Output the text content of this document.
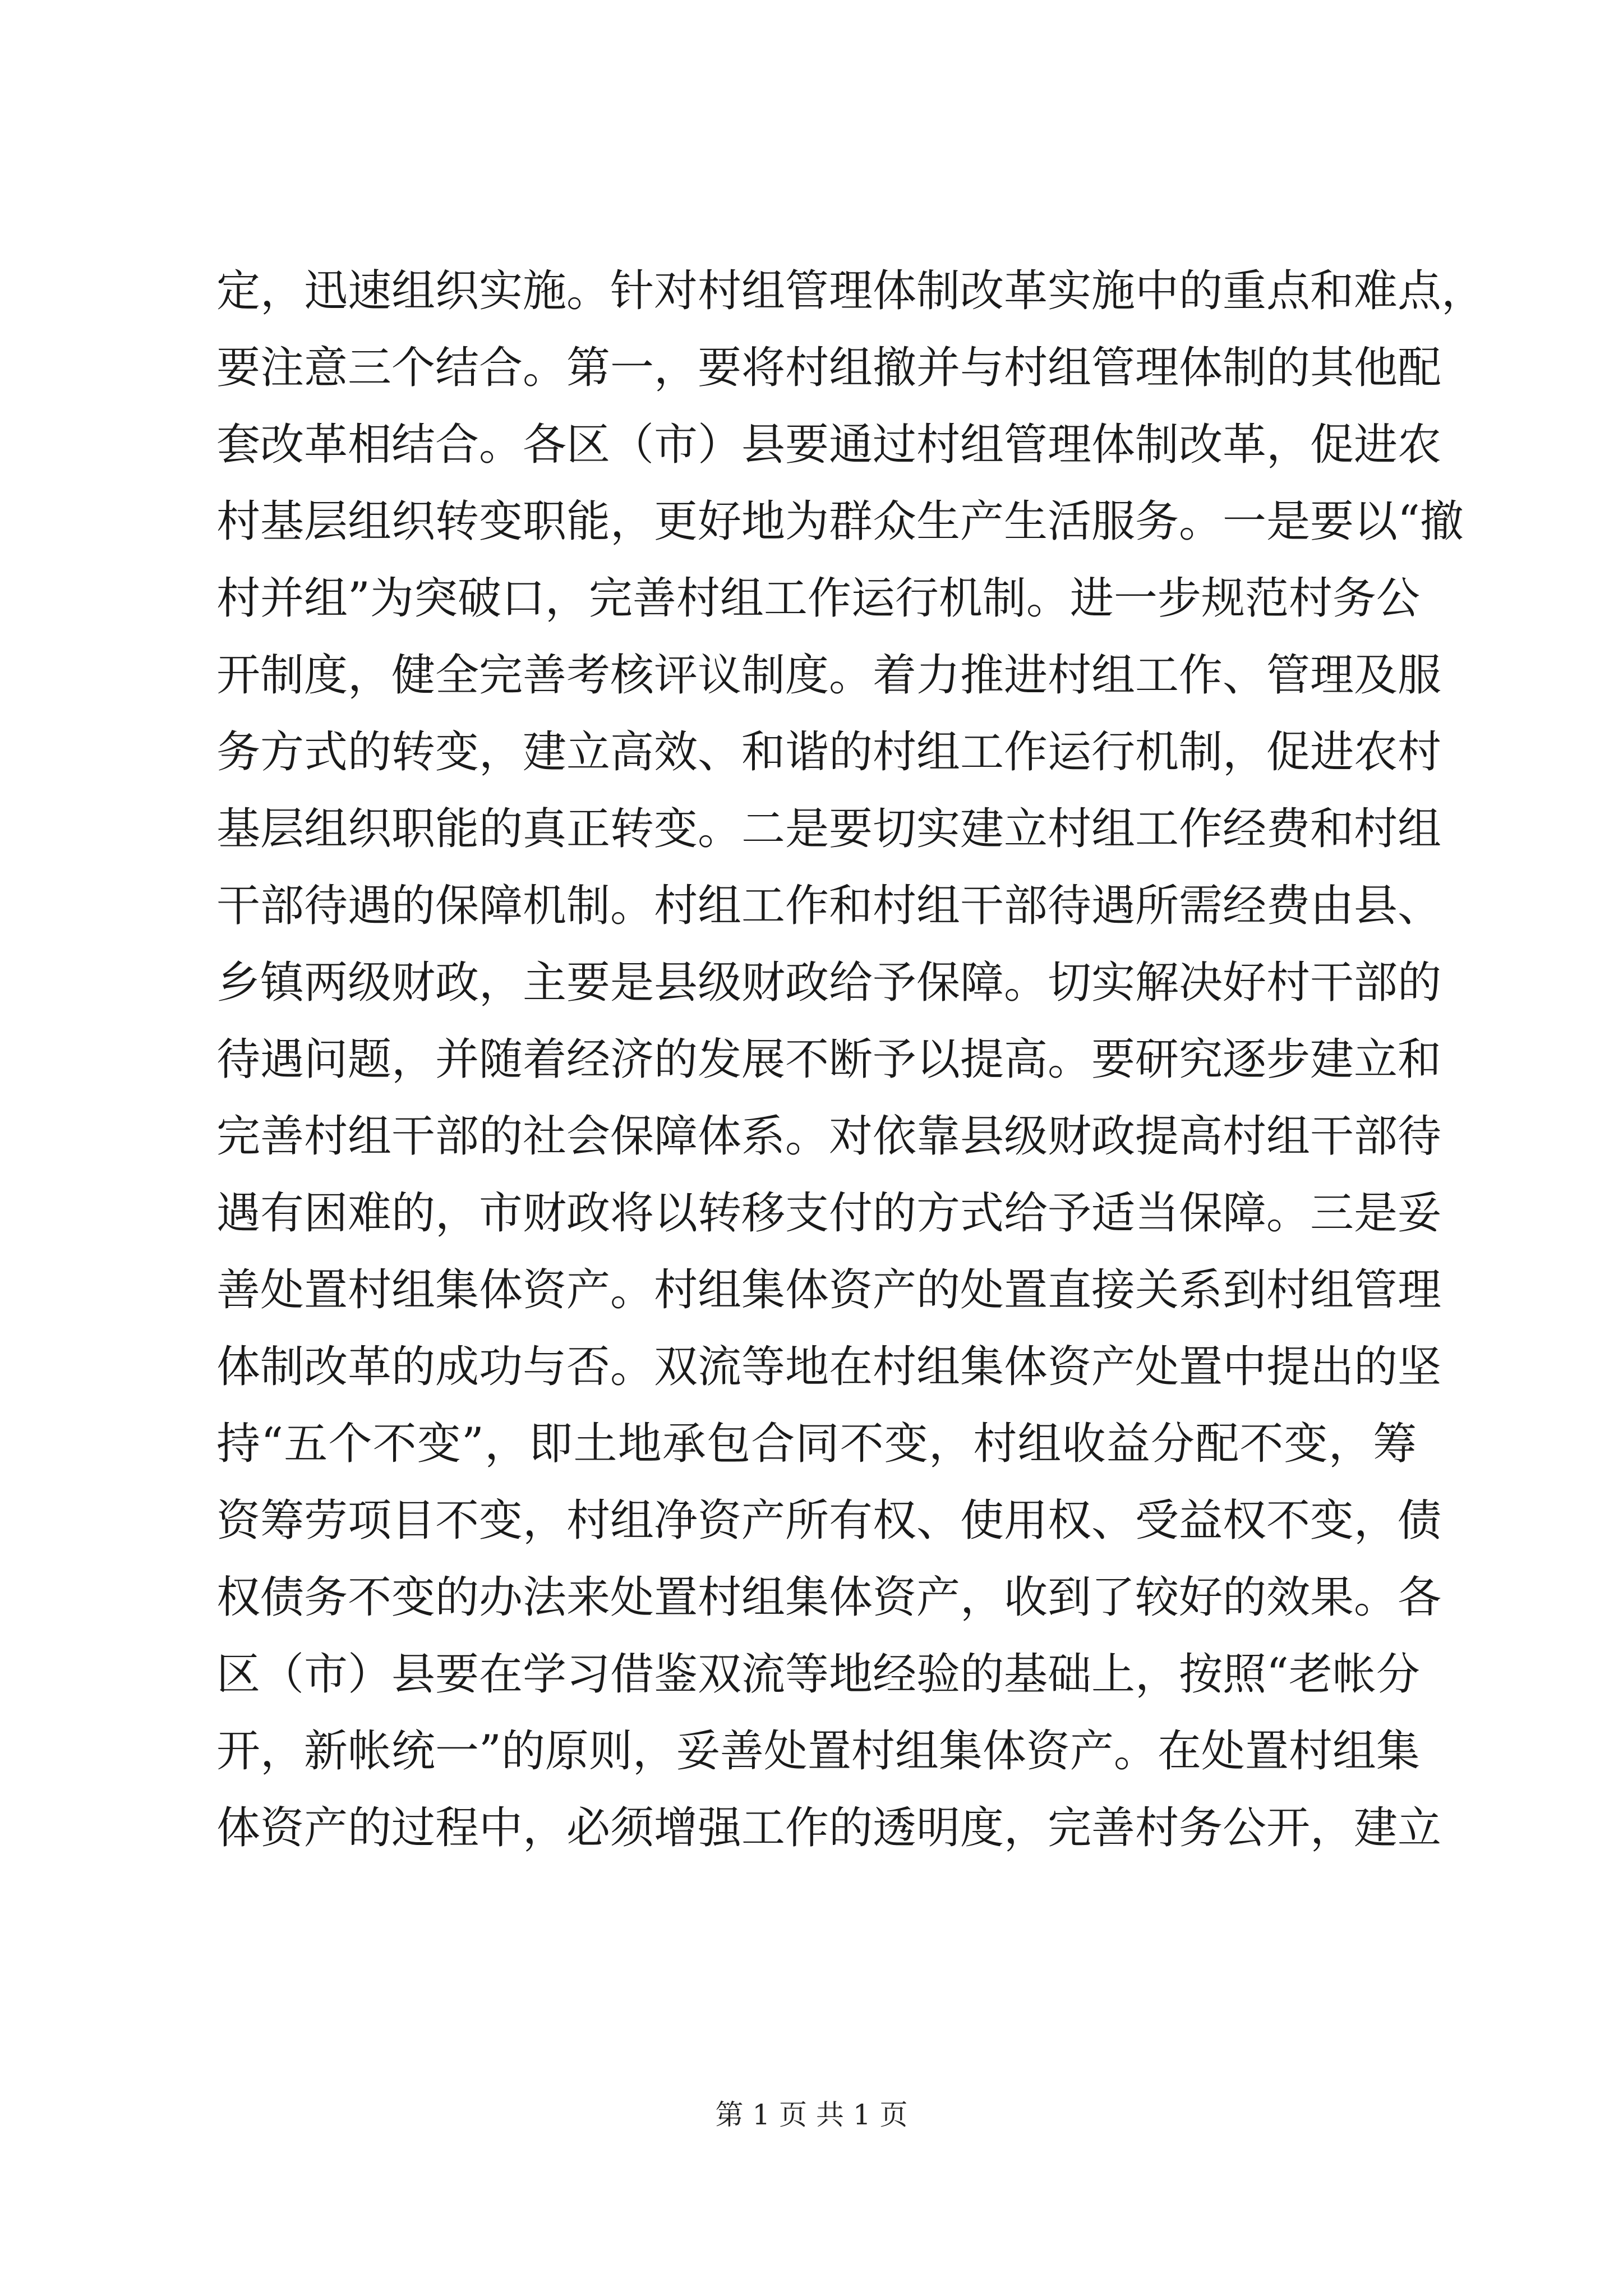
定，迅速组织实施。针对村组管理体制改革实施中的重点和难点，
要注意三个结合。第一，要将村组撤并与村组管理体制的其他配
套改革相结合。各区（市）县要通过村组管理体制改革，促进农
村基层组织转变职能，更好地为群众生产生活服务。一是要以“撤
村并组”为突破口，完善村组工作运行机制。进一步规范村务公
开制度，健全完善考核评议制度。着力推进村组工作、管理及服
务方式的转变，建立高效、和谐的村组工作运行机制，促进农村
基层组织职能的真正转变。二是要切实建立村组工作经费和村组
干部待遇的保障机制。村组工作和村组干部待遇所需经费由县、
乡镇两级财政，主要是县级财政给予保障。切实解决好村干部的
待遇问题，并随着经济的发展不断予以提高。要研究逐步建立和
完善村组干部的社会保障体系。对依靠县级财政提高村组干部待
遇有困难的，市财政将以转移支付的方式给予适当保障。三是妥
善处置村组集体资产。村组集体资产的处置直接关系到村组管理
体制改革的成功与否。双流等地在村组集体资产处置中提出的坚
持“五个不变”，即土地承包合同不变，村组收益分配不变，筹
资筹劳项目不变，村组净资产所有权、使用权、受益权不变，债
权债务不变的办法来处置村组集体资产，收到了较好的效果。各
区（市）县要在学习借鉴双流等地经验的基础上，按照“老帐分
开，新帐统一”的原则，妥善处置村组集体资产。在处置村组集
体资产的过程中，必须增强工作的透明度，完善村务公开，建立
第 1 页 共 1 页
